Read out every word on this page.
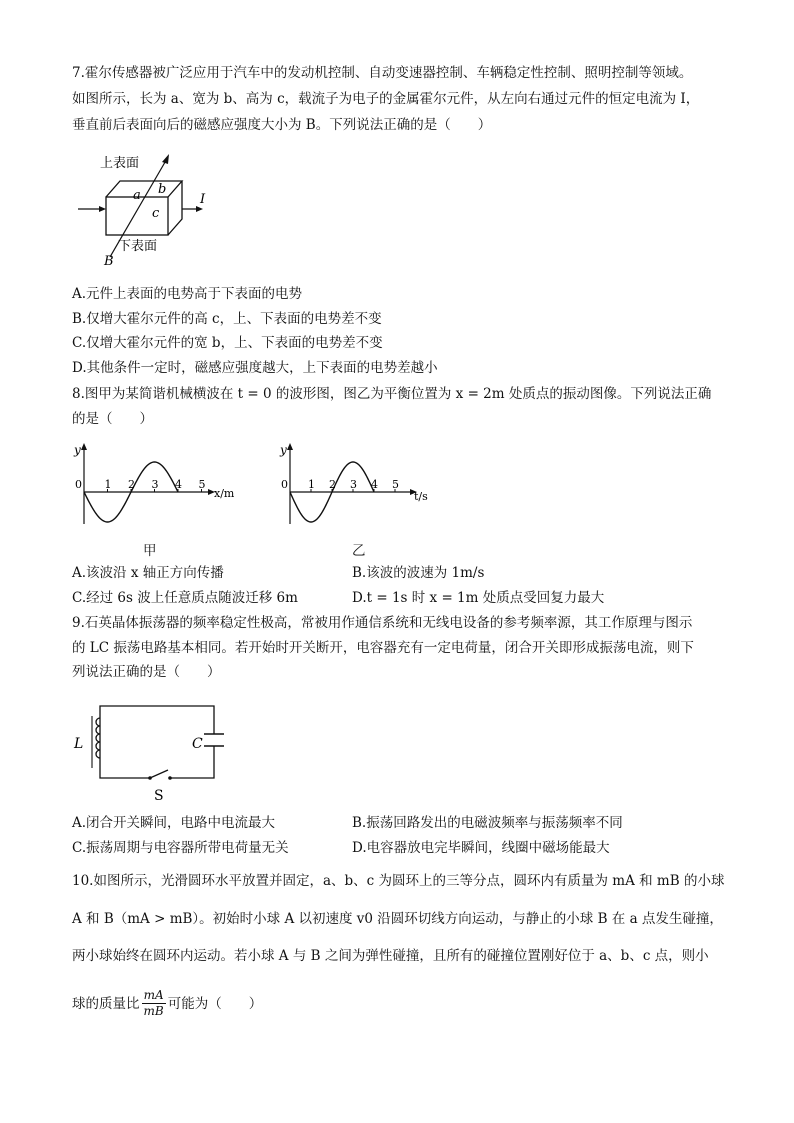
7.霍尔传感器被广泛应用于汽车中的发动机控制、自动变速器控制、车辆稳定性控制、照明控制等领域。
如图所示，长为 a、宽为 b、高为 c，载流子为电子的金属霍尔元件，从左向右通过元件的恒定电流为 I，
垂直前后表面向后的磁感应强度大小为 B。下列说法正确的是（　　）
上表面
下表面
a b
c
I
B
A.元件上表面的电势高于下表面的电势
B.仅增大霍尔元件的高 c，上、下表面的电势差不变
C.仅增大霍尔元件的宽 b，上、下表面的电势差不变
D.其他条件一定时，磁感应强度越大，上下表面的电势差越小
8.图甲为某简谐机械横波在 t = 0 的波形图，图乙为平衡位置为 x = 2m 处质点的振动图像。下列说法正确
的是（　　）
y
x/m
0 1 2 3 4 5
甲
y
t/s
0 1 2 3 4 5
乙
A.该波沿 x 轴正方向传播	B.该波的波速为 1m/s
C.经过 6s 波上任意质点随波迁移 6m	D.t = 1s 时 x = 1m 处质点受回复力最大
9.石英晶体振荡器的频率稳定性极高，常被用作通信系统和无线电设备的参考频率源，其工作原理与图示
的 LC 振荡电路基本相同。若开始时开关断开，电容器充有一定电荷量，闭合开关即形成振荡电流，则下
列说法正确的是（　　）
L	C
S
A.闭合开关瞬间，电路中电流最大	B.振荡回路发出的电磁波频率与振荡频率不同
C.振荡周期与电容器所带电荷量无关	D.电容器放电完毕瞬间，线圈中磁场能最大
10.如图所示，光滑圆环水平放置并固定，a、b、c 为圆环上的三等分点，圆环内有质量为 mA 和 mB 的小球
A 和 B（mA > mB）。初始时小球 A 以初速度 v0 沿圆环切线方向运动，与静止的小球 B 在 a 点发生碰撞，
两小球始终在圆环内运动。若小球 A 与 B 之间为弹性碰撞，且所有的碰撞位置刚好位于 a、b、c 点，则小
球的质量比 $\frac{mA}{mB}$ 可能为（　　）
